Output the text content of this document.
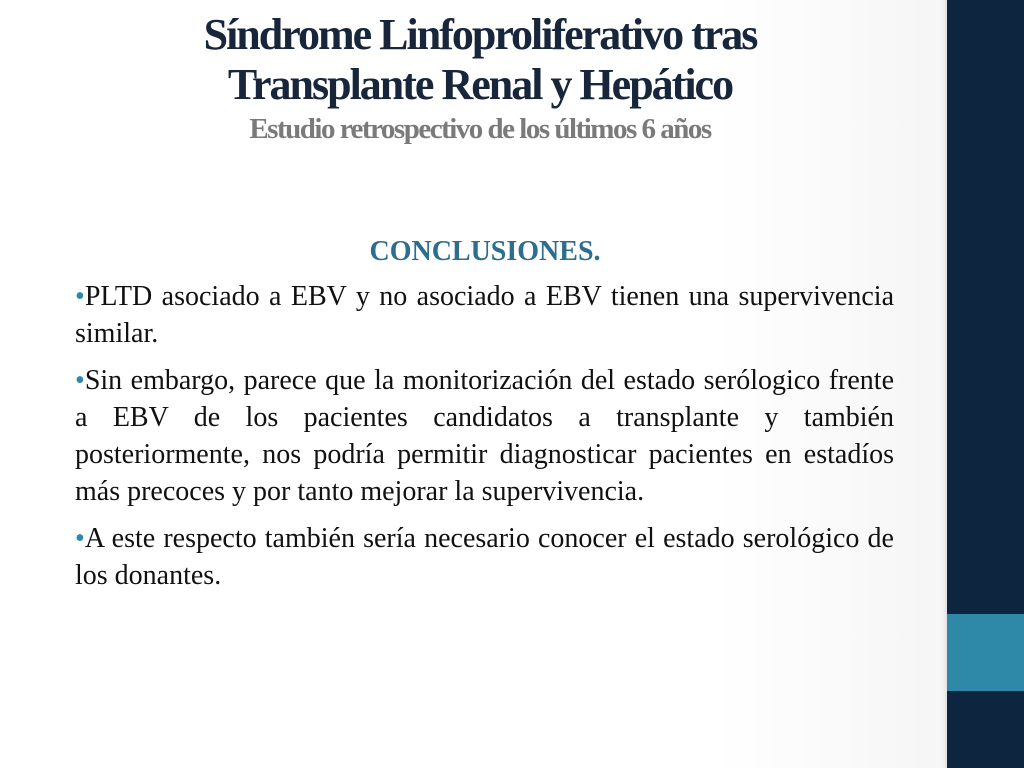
Síndrome Linfoproliferativo tras
Transplante Renal y Hepático
Estudio retrospectivo de los últimos 6 años
CONCLUSIONES.
•PLTD asociado a EBV y no asociado a EBV tienen una supervivencia similar.
•Sin embargo, parece que la monitorización del estado serólogico frente a EBV de los pacientes candidatos a transplante y también posteriormente, nos podría permitir diagnosticar pacientes en estadíos más precoces y por tanto mejorar la supervivencia.
•A este respecto también sería necesario conocer el estado serológico de los donantes.
